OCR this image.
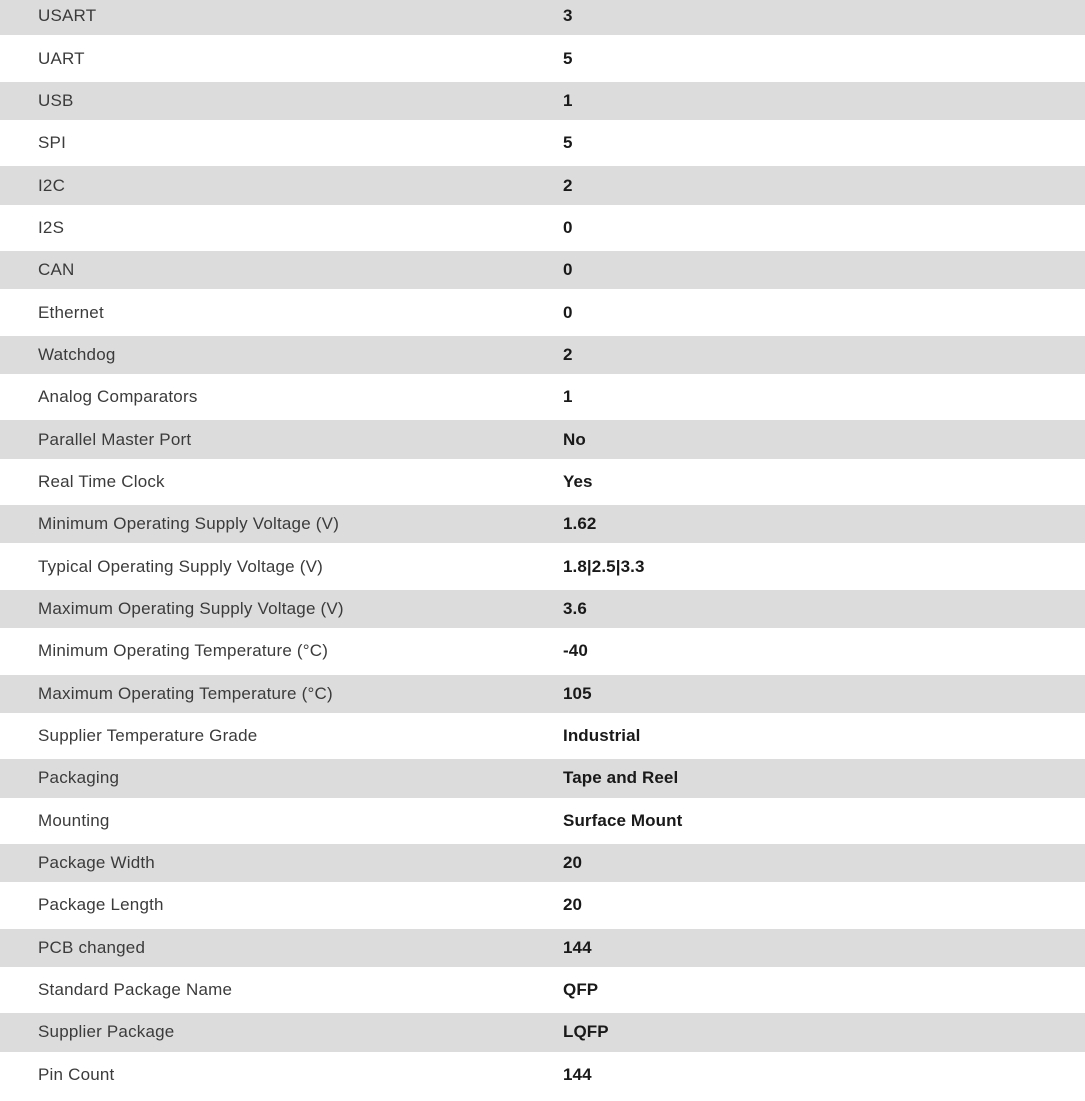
USART	3
UART	5
USB	1
SPI	5
I2C	2
I2S	0
CAN	0
Ethernet	0
Watchdog	2
Analog Comparators	1
Parallel Master Port	No
Real Time Clock	Yes
Minimum Operating Supply Voltage (V)	1.62
Typical Operating Supply Voltage (V)	1.8|2.5|3.3
Maximum Operating Supply Voltage (V)	3.6
Minimum Operating Temperature (°C)	-40
Maximum Operating Temperature (°C)	105
Supplier Temperature Grade	Industrial
Packaging	Tape and Reel
Mounting	Surface Mount
Package Width	20
Package Length	20
PCB changed	144
Standard Package Name	QFP
Supplier Package	LQFP
Pin Count	144
